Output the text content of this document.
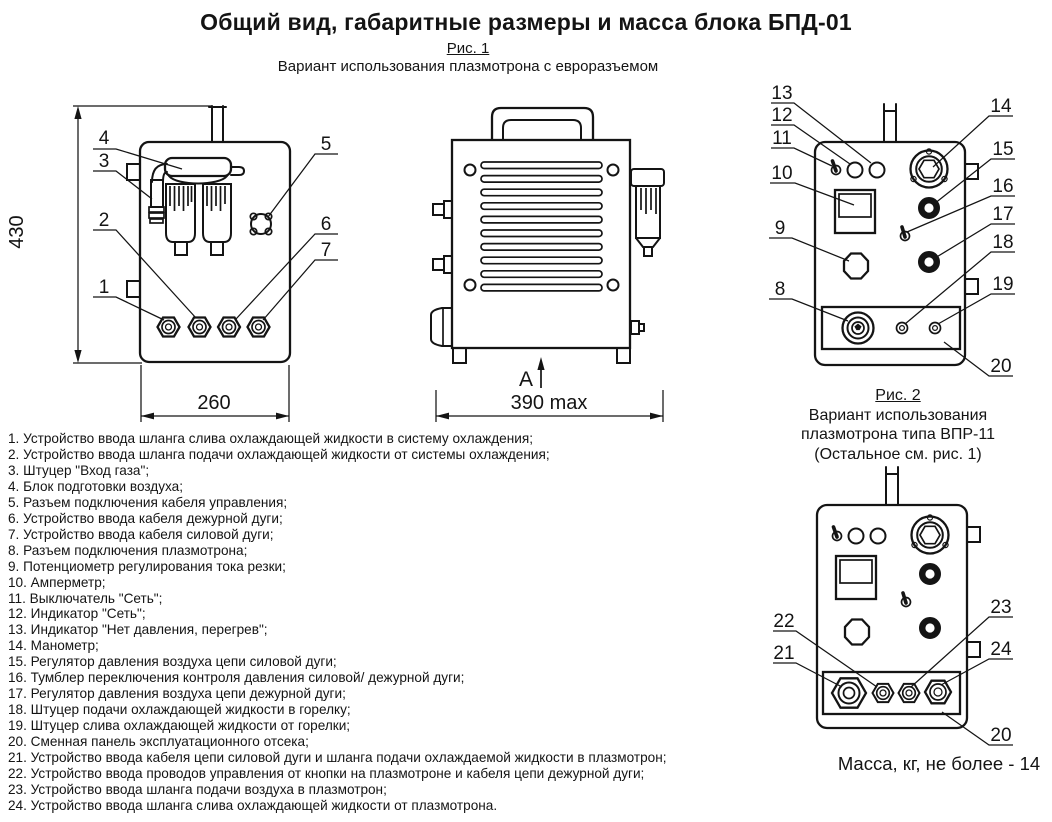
Общий вид, габаритные размеры и масса блока БПД-01
Рис. 1
Вариант использования плазмотрона с евроразъемом
430
260
4
3
2
1
5
6
7
A
390 max
13
12
11
10
9
8
14
15
16
17
18
19
20
Рис. 2
Вариант использования
плазмотрона типа ВПР-11
(Остальное см. рис. 1)
22
21
23
24
20
Масса, кг, не более - 14
1. Устройство ввода шланга слива охлаждающей жидкости в систему охлаждения;
2. Устройство ввода шланга подачи охлаждающей жидкости от системы охлаждения;
3. Штуцер "Вход газа";
4. Блок подготовки воздуха;
5. Разъем подключения кабеля управления;
6. Устройство ввода кабеля дежурной дуги;
7. Устройство ввода кабеля силовой дуги;
8. Разъем подключения плазмотрона;
9. Потенциометр регулирования тока резки;
10. Амперметр;
11. Выключатель "Сеть";
12. Индикатор "Сеть";
13. Индикатор "Нет давления, перегрев";
14. Манометр;
15. Регулятор давления воздуха цепи силовой дуги;
16. Тумблер переключения контроля давления силовой/ дежурной дуги;
17. Регулятор давления воздуха цепи дежурной дуги;
18. Штуцер подачи охлаждающей жидкости в горелку;
19. Штуцер слива охлаждающей жидкости от горелки;
20. Сменная панель эксплуатационного отсека;
21. Устройство ввода кабеля цепи силовой дуги и шланга подачи охлаждаемой жидкости в плазмотрон;
22. Устройство ввода проводов управления от кнопки на плазмотроне и кабеля цепи дежурной дуги;
23. Устройство ввода шланга подачи воздуха в плазмотрон;
24. Устройство ввода шланга слива охлаждающей жидкости от плазмотрона.
